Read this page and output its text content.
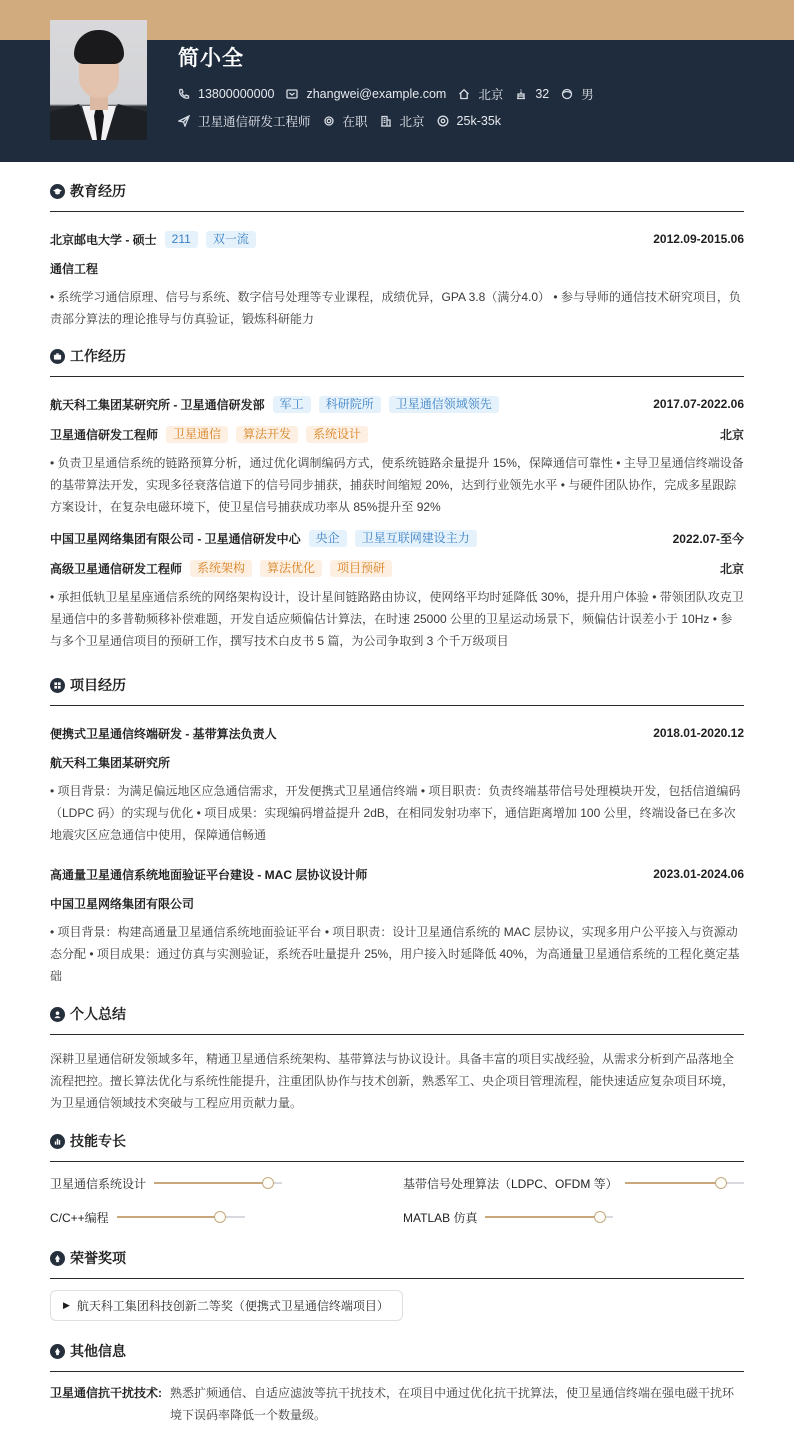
简小全
13800000000	zhangwei@example.com	北京	32	男
卫星通信研发工程师	在职	北京	25k-35k
教育经历
北京邮电大学 - 硕士	211	双一流	2012.09-2015.06
通信工程
• 系统学习通信原理、信号与系统、数字信号处理等专业课程，成绩优异，GPA 3.8（满分4.0） • 参与导师的通信技术研究项目，负责部分算法的理论推导与仿真验证，锻炼科研能力
工作经历
航天科工集团某研究所 - 卫星通信研发部	军工	科研院所	卫星通信领域领先	2017.07-2022.06
卫星通信研发工程师	卫星通信	算法开发	系统设计	北京
• 负责卫星通信系统的链路预算分析，通过优化调制编码方式，使系统链路余量提升 15%，保障通信可靠性 • 主导卫星通信终端设备的基带算法开发，实现多径衰落信道下的信号同步捕获，捕获时间缩短 20%，达到行业领先水平 • 与硬件团队协作，完成多星跟踪方案设计，在复杂电磁环境下，使卫星信号捕获成功率从 85%提升至 92%
中国卫星网络集团有限公司 - 卫星通信研发中心	央企	卫星互联网建设主力	2022.07-至今
高级卫星通信研发工程师	系统架构	算法优化	项目预研	北京
• 承担低轨卫星星座通信系统的网络架构设计，设计星间链路路由协议，使网络平均时延降低 30%，提升用户体验 • 带领团队攻克卫星通信中的多普勒频移补偿难题，开发自适应频偏估计算法，在时速 25000 公里的卫星运动场景下，频偏估计误差小于 10Hz • 参与多个卫星通信项目的预研工作，撰写技术白皮书 5 篇，为公司争取到 3 个千万级项目
项目经历
便携式卫星通信终端研发 - 基带算法负责人	2018.01-2020.12
航天科工集团某研究所
• 项目背景：为满足偏远地区应急通信需求，开发便携式卫星通信终端 • 项目职责：负责终端基带信号处理模块开发，包括信道编码（LDPC 码）的实现与优化 • 项目成果：实现编码增益提升 2dB，在相同发射功率下，通信距离增加 100 公里，终端设备已在多次地震灾区应急通信中使用，保障通信畅通
高通量卫星通信系统地面验证平台建设 - MAC 层协议设计师	2023.01-2024.06
中国卫星网络集团有限公司
• 项目背景：构建高通量卫星通信系统地面验证平台 • 项目职责：设计卫星通信系统的 MAC 层协议，实现多用户公平接入与资源动态分配 • 项目成果：通过仿真与实测验证，系统吞吐量提升 25%，用户接入时延降低 40%，为高通量卫星通信系统的工程化奠定基础
个人总结
深耕卫星通信研发领域多年，精通卫星通信系统架构、基带算法与协议设计。具备丰富的项目实战经验，从需求分析到产品落地全流程把控。擅长算法优化与系统性能提升，注重团队协作与技术创新，熟悉军工、央企项目管理流程，能快速适应复杂项目环境，为卫星通信领域技术突破与工程应用贡献力量。
技能专长
卫星通信系统设计	基带信号处理算法（LDPC、OFDM 等）
C/C++编程	MATLAB 仿真
荣誉奖项
▶ 航天科工集团科技创新二等奖（便携式卫星通信终端项目）
其他信息
卫星通信抗干扰技术: 熟悉扩频通信、自适应滤波等抗干扰技术，在项目中通过优化抗干扰算法，使卫星通信终端在强电磁干扰环境下误码率降低一个数量级。
